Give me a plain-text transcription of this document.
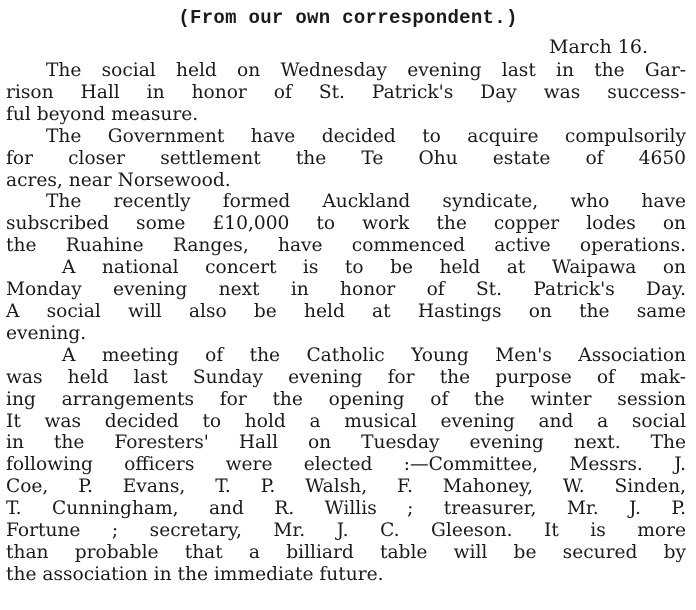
(From our own correspondent.)
March 16.

The social held on Wednesday evening last in the Gar-
rison Hall in honor of St. Patrick's Day was success-
ful beyond measure.

The Government have decided to acquire compulsorily
for closer settlement the Te Ohu estate of 4650
acres, near Norsewood.

The recently formed Auckland syndicate, who have
subscribed some £10,000 to work the copper lodes on
the Ruahine Ranges, have commenced active operations.

A national concert is to be held at Waipawa on
Monday evening next in honor of St. Patrick's Day.
A social will also be held at Hastings on the same
evening.

A meeting of the Catholic Young Men's Association
was held last Sunday evening for the purpose of mak-
ing arrangements for the opening of the winter session
It was decided to hold a musical evening and a social
in the Foresters' Hall on Tuesday evening next. The
following officers were elected :—Committee, Messrs. J.
Coe, P. Evans, T. P. Walsh, F. Mahoney, W. Sinden,
T. Cunningham, and R. Willis ; treasurer, Mr. J. P.
Fortune ; secretary, Mr. J. C. Gleeson. It is more
than probable that a billiard table will be secured by
the association in the immediate future.
